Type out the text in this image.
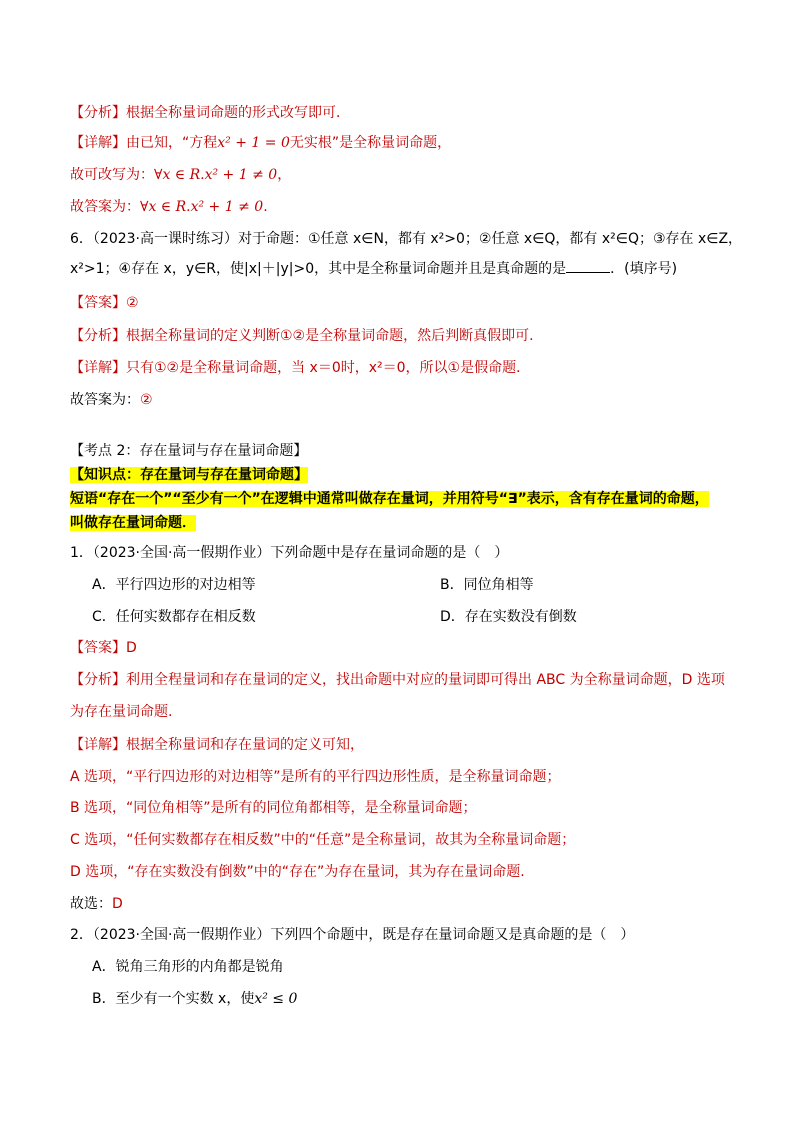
【分析】根据全称量词命题的形式改写即可．
【详解】由已知，“方程x² + 1 = 0无实根”是全称量词命题，
故可改写为：∀x ∈ R.x² + 1 ≠ 0，
故答案为：∀x ∈ R.x² + 1 ≠ 0.
6．（2023·高一课时练习）对于命题：①任意 x∈N，都有 x²>0；②任意 x∈Q，都有 x²∈Q；③存在 x∈Z，
x²>1；④存在 x，y∈R，使|x|＋|y|>0，其中是全称量词命题并且是真命题的是	．(填序号)
【答案】②
【分析】根据全称量词的定义判断①②是全称量词命题，然后判断真假即可.
【详解】只有①②是全称量词命题，当 x＝0时，x²＝0，所以①是假命题．
故答案为：②
【考点 2：存在量词与存在量词命题】
【知识点：存在量词与存在量词命题】
短语“存在一个”“至少有一个”在逻辑中通常叫做存在量词，并用符号“∃”表示，含有存在量词的命题，
叫做存在量词命题．
1．（2023·全国·高一假期作业）下列命题中是存在量词命题的是（　）
A．平行四边形的对边相等	B．同位角相等
C．任何实数都存在相反数	D．存在实数没有倒数
【答案】D
【分析】利用全程量词和存在量词的定义，找出命题中对应的量词即可得出 ABC 为全称量词命题，D 选项
为存在量词命题.
【详解】根据全称量词和存在量词的定义可知，
A 选项，“平行四边形的对边相等”是所有的平行四边形性质，是全称量词命题；
B 选项，“同位角相等”是所有的同位角都相等，是全称量词命题；
C 选项，“任何实数都存在相反数”中的“任意”是全称量词，故其为全称量词命题；
D 选项，“存在实数没有倒数”中的“存在”为存在量词，其为存在量词命题.
故选：D
2．（2023·全国·高一假期作业）下列四个命题中，既是存在量词命题又是真命题的是（　）
A．锐角三角形的内角都是锐角
B．至少有一个实数 x，使x² ≤ 0
